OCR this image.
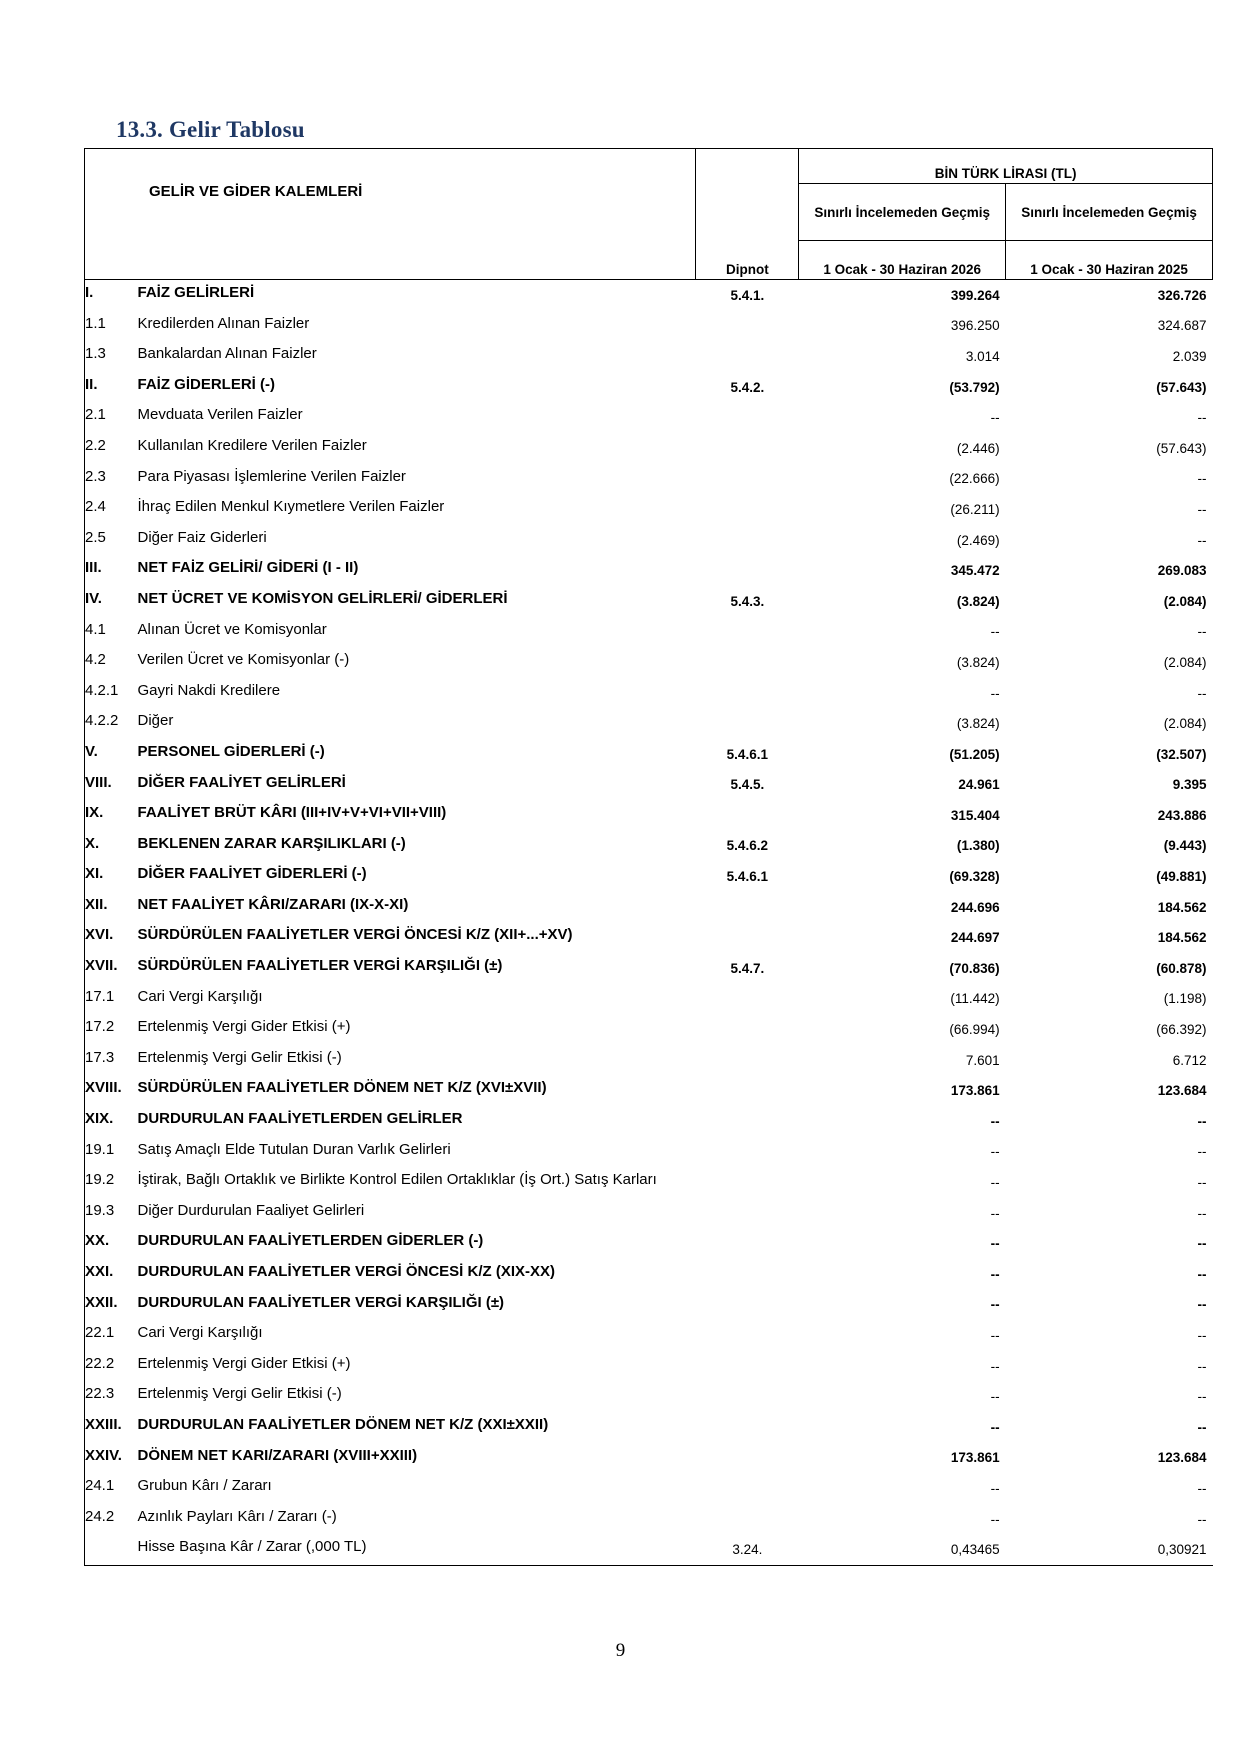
13.3. Gelir Tablosu
GELİR VE GİDER KALEMLERİ			BİN TÜRK LİRASI (TL)	
			Sınırlı İncelemeden Geçmiş	Sınırlı İncelemeden Geçmiş
		Dipnot	1 Ocak - 30 Haziran 2026	1 Ocak - 30 Haziran 2025
I.	FAİZ GELİRLERİ	5.4.1.	399.264	326.726
1.1	Kredilerden Alınan Faizler		396.250	324.687
1.3	Bankalardan Alınan Faizler		3.014	2.039
II.	FAİZ GİDERLERİ (-)	5.4.2.	(53.792)	(57.643)
2.1	Mevduata Verilen Faizler		--	--
2.2	Kullanılan Kredilere Verilen Faizler		(2.446)	(57.643)
2.3	Para Piyasası İşlemlerine Verilen Faizler		(22.666)	--
2.4	İhraç Edilen Menkul Kıymetlere Verilen Faizler		(26.211)	--
2.5	Diğer Faiz Giderleri		(2.469)	--
III.	NET FAİZ GELİRİ/ GİDERİ (I - II)		345.472	269.083
IV.	NET ÜCRET VE KOMİSYON GELİRLERİ/ GİDERLERİ	5.4.3.	(3.824)	(2.084)
4.1	Alınan Ücret ve Komisyonlar		--	--
4.2	Verilen Ücret ve Komisyonlar (-)		(3.824)	(2.084)
4.2.1	Gayri Nakdi Kredilere		--	--
4.2.2	Diğer		(3.824)	(2.084)
V.	PERSONEL GİDERLERİ (-)	5.4.6.1	(51.205)	(32.507)
VIII.	DİĞER FAALİYET GELİRLERİ	5.4.5.	24.961	9.395
IX.	FAALİYET BRÜT KÂRI (III+IV+V+VI+VII+VIII)		315.404	243.886
X.	BEKLENEN ZARAR KARŞILIKLARI (-)	5.4.6.2	(1.380)	(9.443)
XI.	DİĞER FAALİYET GİDERLERİ (-)	5.4.6.1	(69.328)	(49.881)
XII.	NET FAALİYET KÂRI/ZARARI (IX-X-XI)		244.696	184.562
XVI.	SÜRDÜRÜLEN FAALİYETLER VERGİ ÖNCESİ K/Z (XII+...+XV)		244.697	184.562
XVII.	SÜRDÜRÜLEN FAALİYETLER VERGİ KARŞILIĞI (±)	5.4.7.	(70.836)	(60.878)
17.1	Cari Vergi Karşılığı		(11.442)	(1.198)
17.2	Ertelenmiş Vergi Gider Etkisi (+)		(66.994)	(66.392)
17.3	Ertelenmiş Vergi Gelir Etkisi (-)		7.601	6.712
XVIII.	SÜRDÜRÜLEN FAALİYETLER DÖNEM NET K/Z (XVI±XVII)		173.861	123.684
XIX.	DURDURULAN FAALİYETLERDEN GELİRLER		--	--
19.1	Satış Amaçlı Elde Tutulan Duran Varlık Gelirleri		--	--
19.2	İştirak, Bağlı Ortaklık ve Birlikte Kontrol Edilen Ortaklıklar (İş Ort.) Satış Karları		--	--
19.3	Diğer Durdurulan Faaliyet Gelirleri		--	--
XX.	DURDURULAN FAALİYETLERDEN GİDERLER (-)		--	--
XXI.	DURDURULAN FAALİYETLER VERGİ ÖNCESİ K/Z (XIX-XX)		--	--
XXII.	DURDURULAN FAALİYETLER VERGİ KARŞILIĞI (±)		--	--
22.1	Cari Vergi Karşılığı		--	--
22.2	Ertelenmiş Vergi Gider Etkisi (+)		--	--
22.3	Ertelenmiş Vergi Gelir Etkisi (-)		--	--
XXIII.	DURDURULAN FAALİYETLER DÖNEM NET K/Z (XXI±XXII)		--	--
XXIV.	DÖNEM NET KARI/ZARARI (XVIII+XXIII)		173.861	123.684
24.1	Grubun Kârı / Zararı		--	--
24.2	Azınlık Payları Kârı / Zararı (-)		--	--
	Hisse Başına Kâr / Zarar (,000 TL)	3.24.	0,43465	0,30921
9
